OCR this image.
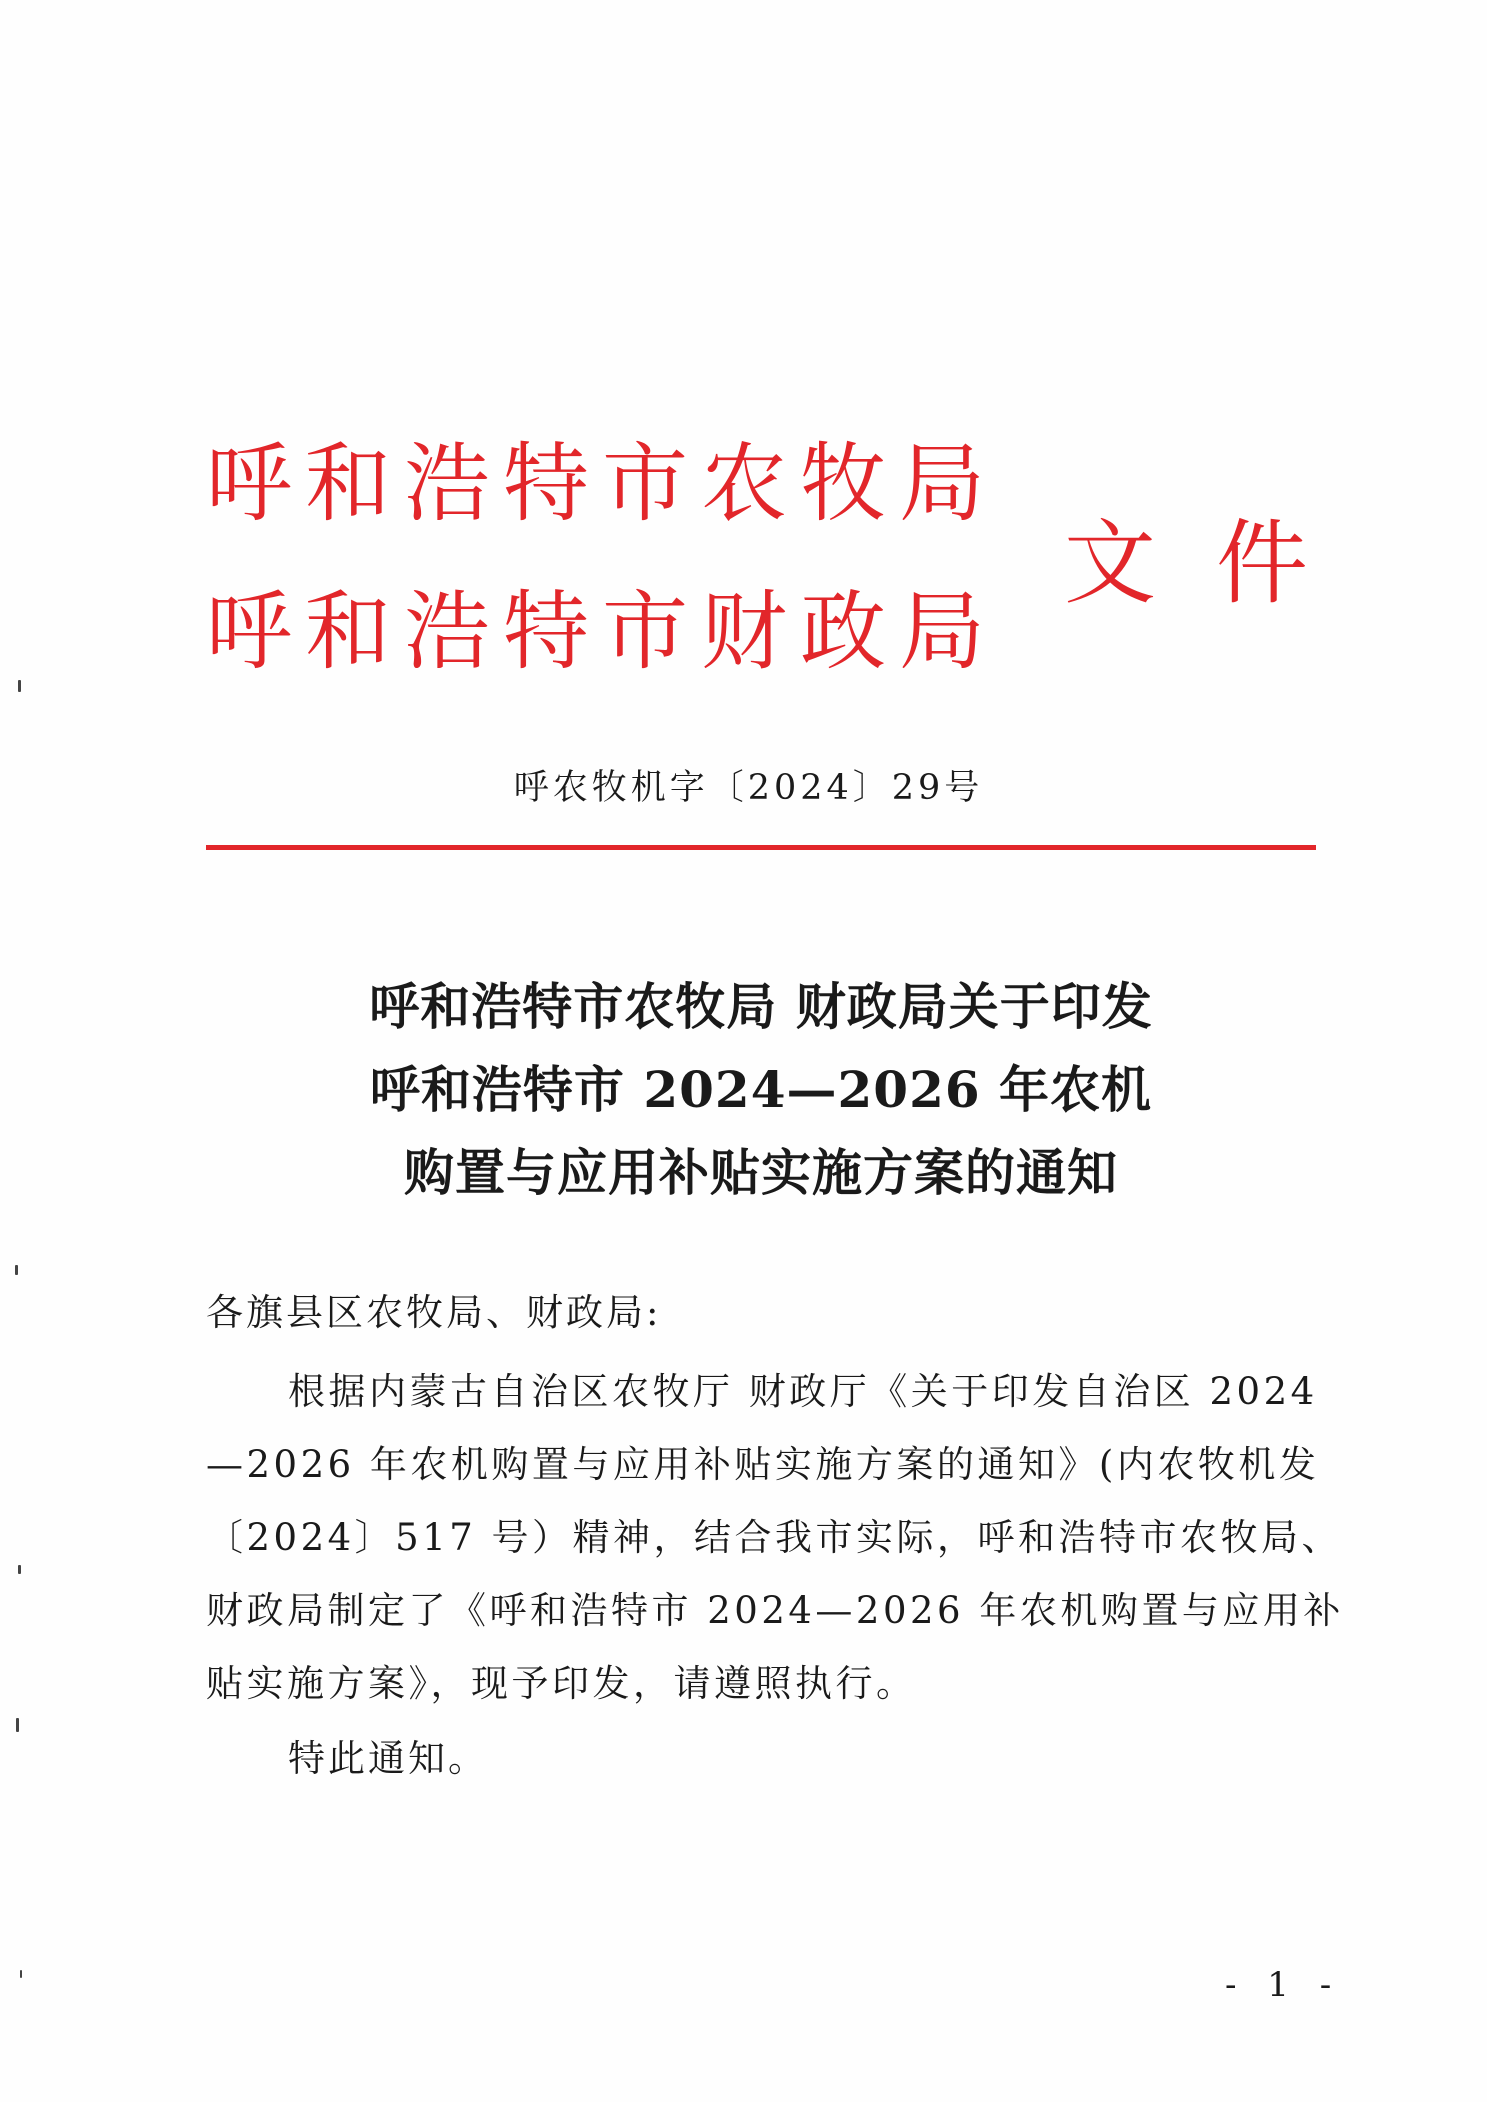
呼和浩特市农牧局
呼和浩特市财政局
文件
呼农牧机字〔2024〕29号
呼和浩特市农牧局 财政局关于印发
呼和浩特市 2024—2026 年农机
购置与应用补贴实施方案的通知
各旗县区农牧局、财政局:
根据内蒙古自治区农牧厅 财政厅《关于印发自治区 2024
—2026 年农机购置与应用补贴实施方案的通知》(内农牧机发
〔2024〕517 号）精神，结合我市实际，呼和浩特市农牧局、
财政局制定了《呼和浩特市 2024—2026 年农机购置与应用补
贴实施方案》，现予印发，请遵照执行。
特此通知。
- 1 -
